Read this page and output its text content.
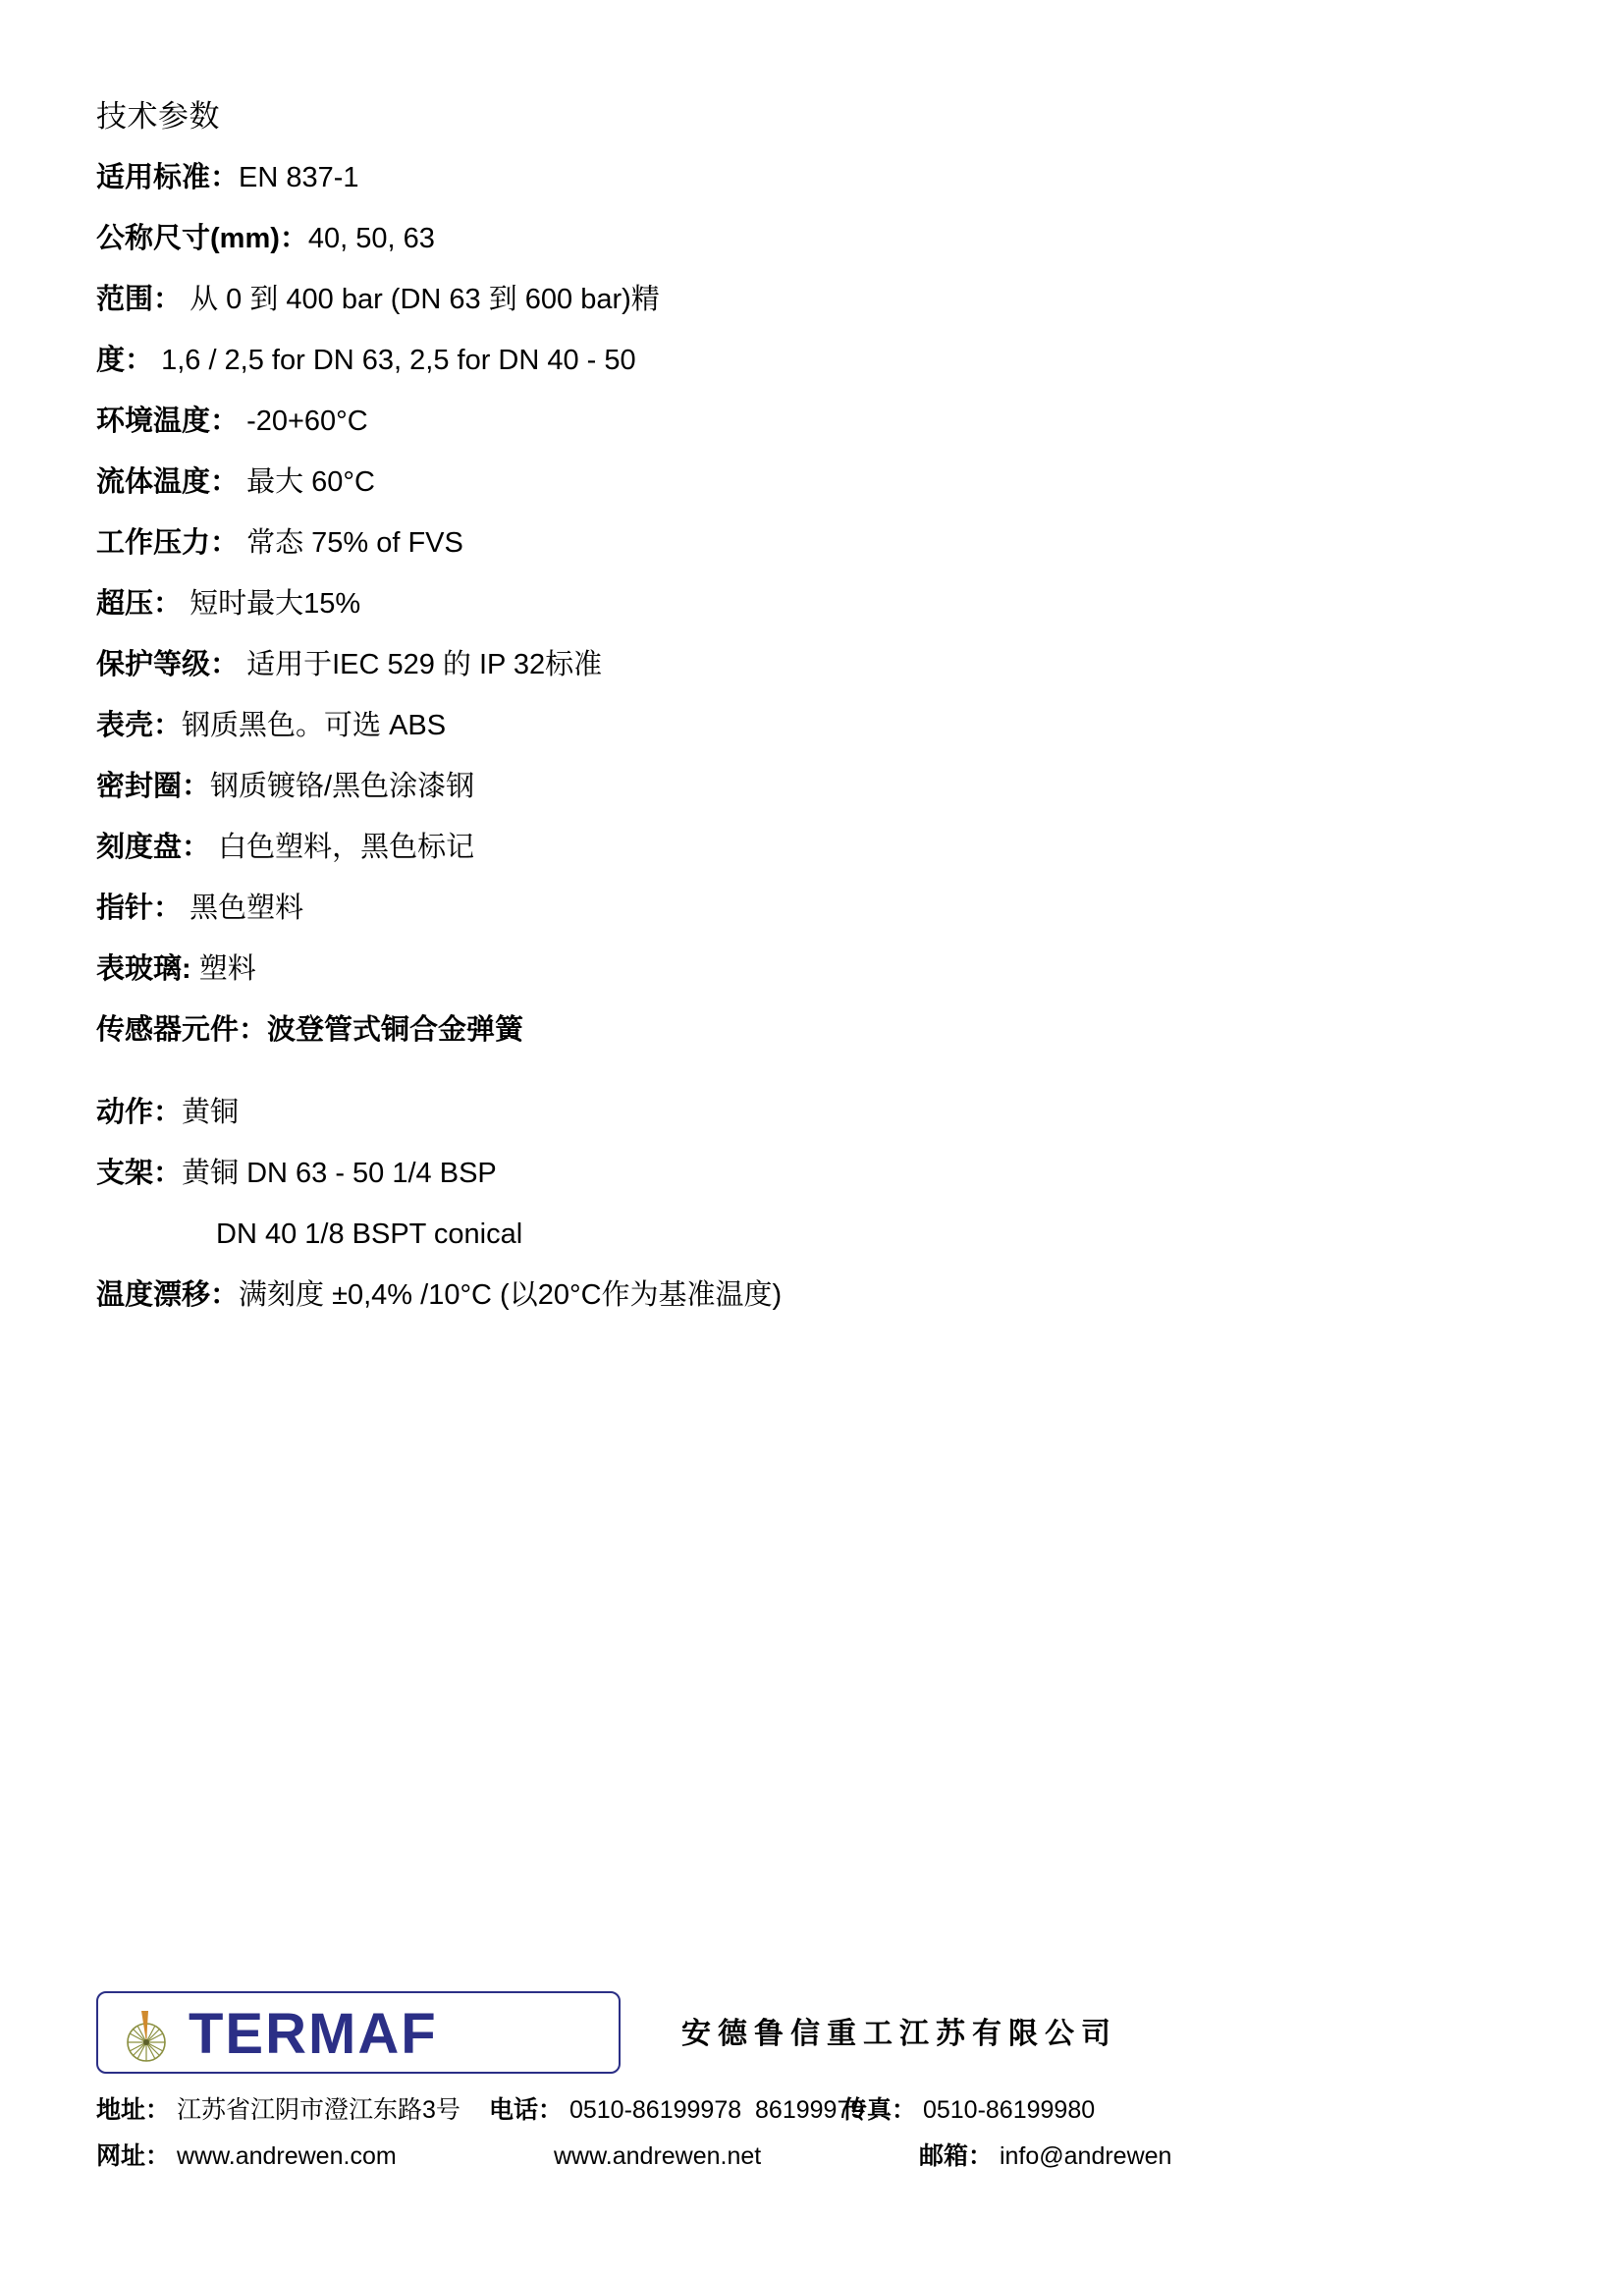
技术参数
适用标准：EN 837-1
公称尺寸(mm)：40, 50, 63
范围： 从 0 到 400 bar (DN 63 到 600 bar)精
度： 1,6 / 2,5 for DN 63, 2,5 for DN 40 - 50
环境温度： -20+60°C
流体温度： 最大 60°C
工作压力： 常态 75% of FVS
超压： 短时最大15%
保护等级： 适用于IEC 529 的 IP 32标准
表壳：钢质黑色。可选 ABS
密封圈：钢质镀铬/黑色涂漆钢
刻度盘： 白色塑料，黑色标记
指针： 黑色塑料
表玻璃: 塑料
传感器元件：波登管式铜合金弹簧
动作：黄铜
支架：黄铜 DN 63 - 50 1/4 BSP
DN 40 1/8 BSPT conical
温度漂移：满刻度 ±0,4% /10°C (以20°C作为基准温度)
TERMAF	安德鲁信重工江苏有限公司

地址： 江苏省江阴市澄江东路3号

电话： 0510-86199978  86199979

传真： 0510-86199980

网址： www.andrewen.com

	www.andrewen.net

	邮箱： info@andrewen
